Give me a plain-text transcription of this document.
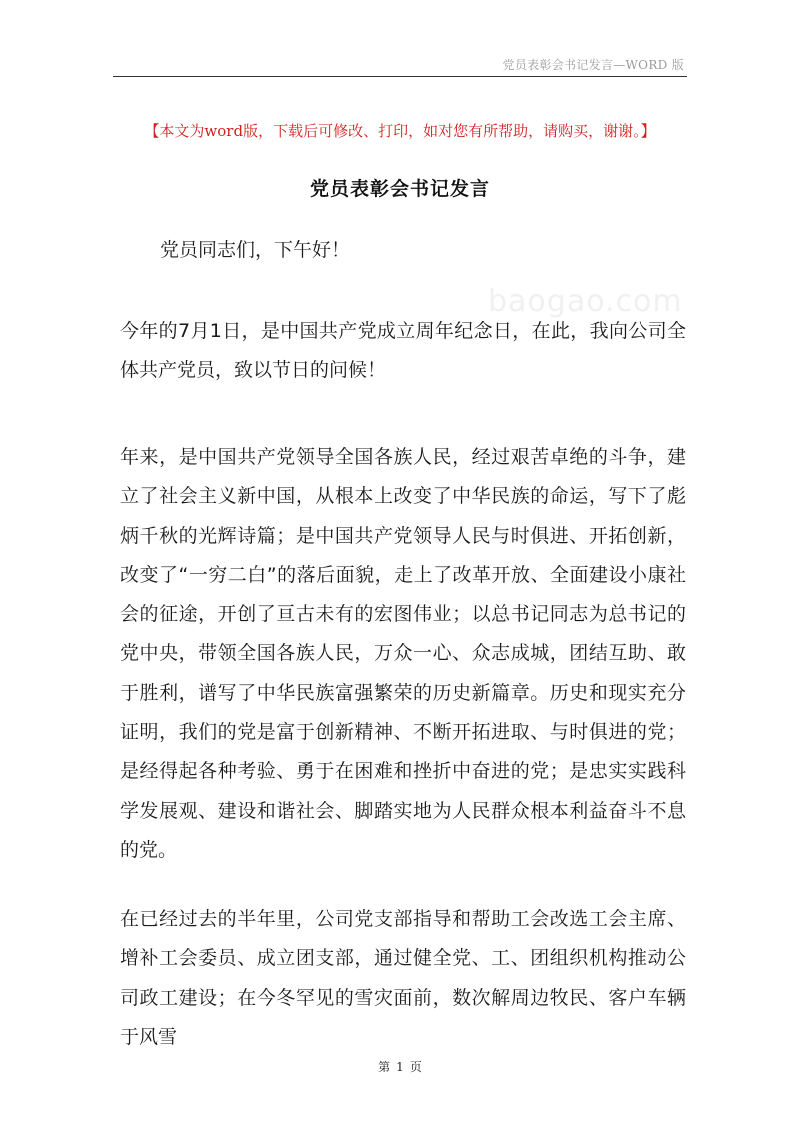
党员表彰会书记发言—WORD 版
baogao.com
【本文为word版，下载后可修改、打印，如对您有所帮助，请购买，谢谢。】
党员表彰会书记发言
党员同志们，下午好！
今年的7月1日，是中国共产党成立周年纪念日，在此，我向公司全体共产党员，致以节日的问候！
年来，是中国共产党领导全国各族人民，经过艰苦卓绝的斗争，建立了社会主义新中国，从根本上改变了中华民族的命运，写下了彪炳千秋的光辉诗篇；是中国共产党领导人民与时俱进、开拓创新，改变了“一穷二白”的落后面貌，走上了改革开放、全面建设小康社会的征途，开创了亘古未有的宏图伟业；以总书记同志为总书记的党中央，带领全国各族人民，万众一心、众志成城，团结互助、敢于胜利，谱写了中华民族富强繁荣的历史新篇章。历史和现实充分证明，我们的党是富于创新精神、不断开拓进取、与时俱进的党；是经得起各种考验、勇于在困难和挫折中奋进的党；是忠实实践科学发展观、建设和谐社会、脚踏实地为人民群众根本利益奋斗不息的党。
在已经过去的半年里，公司党支部指导和帮助工会改选工会主席、增补工会委员、成立团支部，通过健全党、工、团组织机构推动公司政工建设；在今冬罕见的雪灾面前，数次解周边牧民、客户车辆于风雪
第 1 页
